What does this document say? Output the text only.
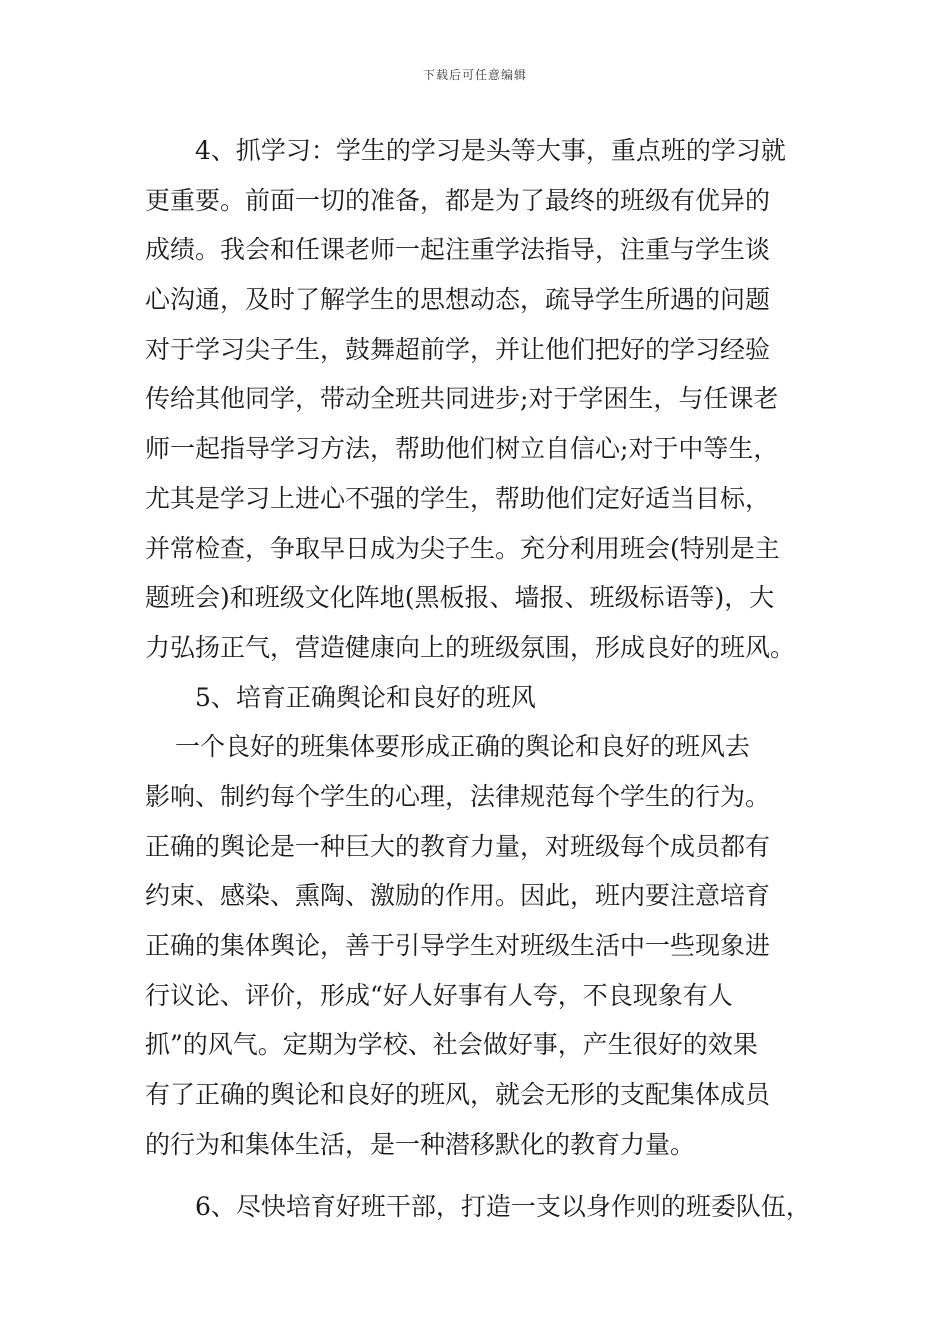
下载后可任意编辑
4、抓学习：学生的学习是头等大事，重点班的学习就
更重要。前面一切的准备，都是为了最终的班级有优异的
成绩。我会和任课老师一起注重学法指导，注重与学生谈
心沟通，及时了解学生的思想动态，疏导学生所遇的问题
对于学习尖子生，鼓舞超前学，并让他们把好的学习经验
传给其他同学，带动全班共同进步;对于学困生，与任课老
师一起指导学习方法，帮助他们树立自信心;对于中等生，
尤其是学习上进心不强的学生，帮助他们定好适当目标，
并常检查，争取早日成为尖子生。充分利用班会(特别是主
题班会)和班级文化阵地(黑板报、墙报、班级标语等)，大
力弘扬正气，营造健康向上的班级氛围，形成良好的班风。
5、培育正确舆论和良好的班风
一个良好的班集体要形成正确的舆论和良好的班风去
影响、制约每个学生的心理，法律规范每个学生的行为。
正确的舆论是一种巨大的教育力量，对班级每个成员都有
约束、感染、熏陶、激励的作用。因此，班内要注意培育
正确的集体舆论，善于引导学生对班级生活中一些现象进
行议论、评价，形成“好人好事有人夸，不良现象有人
抓”的风气。定期为学校、社会做好事，产生很好的效果
有了正确的舆论和良好的班风，就会无形的支配集体成员
的行为和集体生活，是一种潜移默化的教育力量。
6、尽快培育好班干部，打造一支以身作则的班委队伍，
